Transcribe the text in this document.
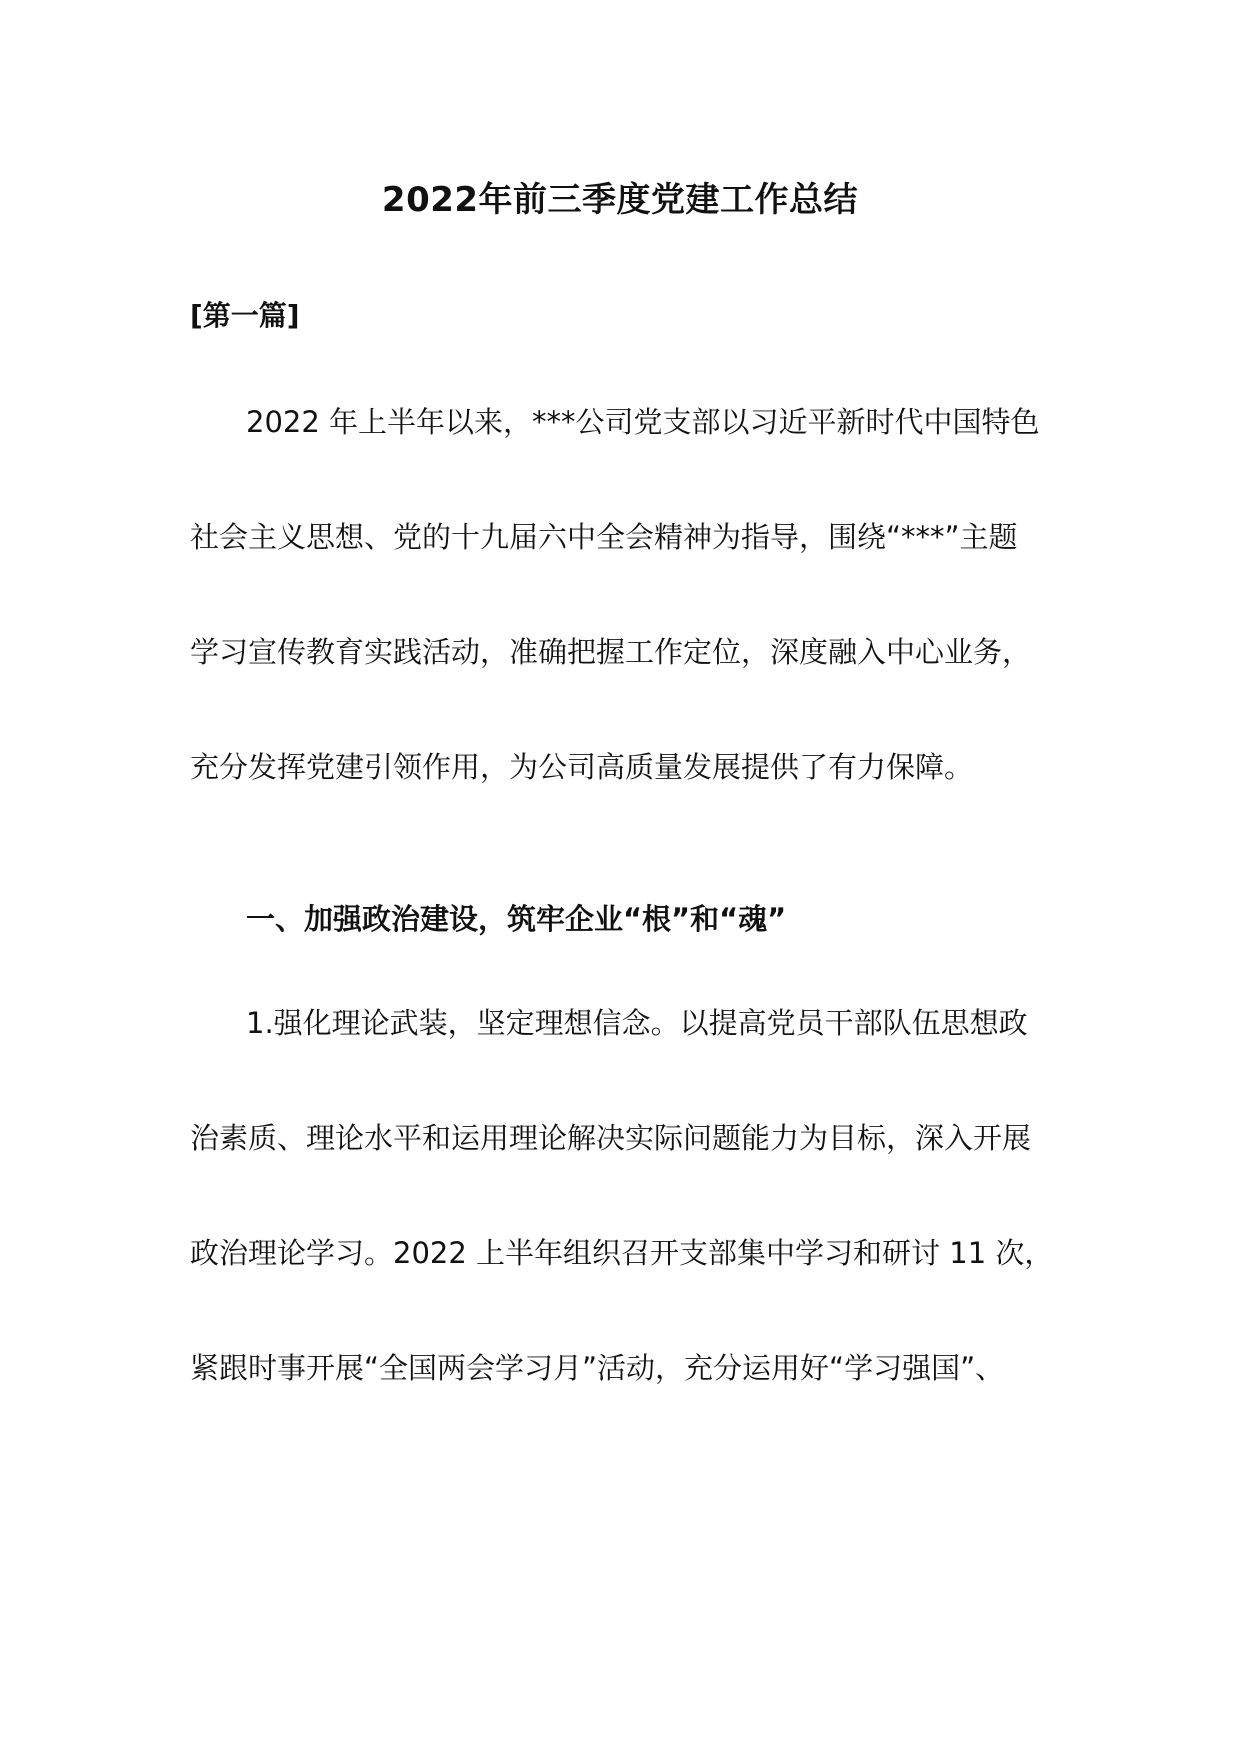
2022年前三季度党建工作总结
[第一篇]
2022 年上半年以来，***公司党支部以习近平新时代中国特色
社会主义思想、党的十九届六中全会精神为指导，围绕“***”主题
学习宣传教育实践活动，准确把握工作定位，深度融入中心业务，
充分发挥党建引领作用，为公司高质量发展提供了有力保障。
一、加强政治建设，筑牢企业“根”和“魂”
1.强化理论武装，坚定理想信念。以提高党员干部队伍思想政
治素质、理论水平和运用理论解决实际问题能力为目标，深入开展
政治理论学习。2022 上半年组织召开支部集中学习和研讨 11 次，
紧跟时事开展“全国两会学习月”活动，充分运用好“学习强国”、
